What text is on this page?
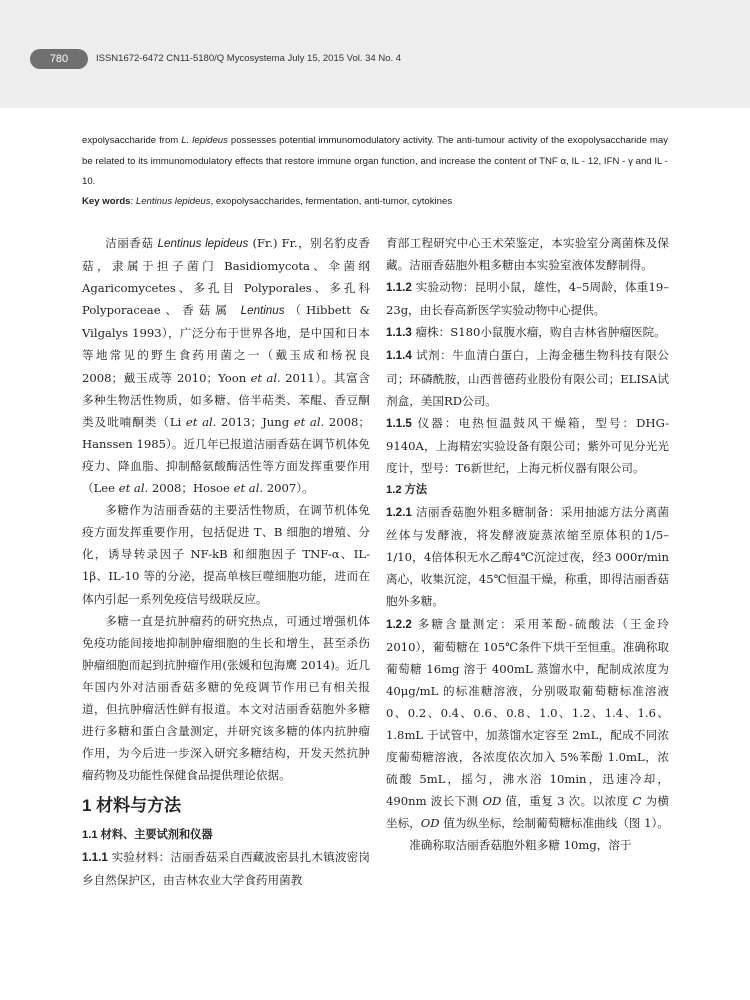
780	ISSN1672-6472 CN11-5180/Q Mycosystema July 15, 2015 Vol. 34 No. 4
expolysaccharide from L. lepideus possesses potential immunomodulatory activity. The anti-tumour activity of the exopolysaccharide may be related to its immunomodulatory effects that restore immune organ function, and increase the content of TNF α, IL - 12, IFN - γ and IL - 10.
Key words: Lentinus lepideus, exopolysaccharides, fermentation, anti-tumor, cytokines

洁丽香菇 Lentinus lepideus (Fr.) Fr.，别名豹皮香菇，隶属于担子菌门 Basidiomycota、伞菌纲 Agaricomycetes、多孔目 Polyporales、多孔科 Polyporaceae、香菇属 Lentinus（Hibbett & Vilgalys 1993），广泛分布于世界各地，是中国和日本等地常见的野生食药用菌之一（戴玉成和杨祝良 2008；戴玉成等 2010；Yoon et al. 2011）。其富含多种生物活性物质，如多糖、倍半萜类、苯醌、香豆酮类及吡喃酮类（Li et al. 2013；Jung et al. 2008；Hanssen 1985）。近几年已报道洁丽香菇在调节机体免疫力、降血脂、抑制酪氨酸酶活性等方面发挥重要作用（Lee et al. 2008；Hosoe et al. 2007）。

多糖作为洁丽香菇的主要活性物质，在调节机体免疫方面发挥重要作用，包括促进 T、B 细胞的增殖、分化，诱导转录因子 NF-kB 和细胞因子 TNF-α、IL-1β、IL-10 等的分泌，提高单核巨噬细胞功能，进而在体内引起一系列免疫信号级联反应。

多糖一直是抗肿瘤药的研究热点，可通过增强机体免疫功能间接地抑制肿瘤细胞的生长和增生，甚至杀伤肿瘤细胞而起到抗肿瘤作用(张媛和包海鹰 2014)。近几年国内外对洁丽香菇多糖的免疫调节作用已有相关报道，但抗肿瘤活性鲜有报道。本文对洁丽香菇胞外多糖进行多糖和蛋白含量测定，并研究该多糖的体内抗肿瘤作用，为今后进一步深入研究多糖结构，开发天然抗肿瘤药物及功能性保健食品提供理论依据。

1 材料与方法
1.1 材料、主要试剂和仪器

1.1.1 实验材料：洁丽香菇采自西藏波密县扎木镇波密岗乡自然保护区，由吉林农业大学食药用菌教

育部工程研究中心王术荣鉴定，本实验室分离菌株及保藏。洁丽香菇胞外粗多糖由本实验室液体发酵制得。

1.1.2 实验动物：昆明小鼠，雄性，4–5周龄，体重19–23g，由长春高新医学实验动物中心提供。

1.1.3 瘤株：S180小鼠腹水瘤，购自吉林省肿瘤医院。

1.1.4 试剂：牛血清白蛋白，上海金穗生物科技有限公司；环磷酰胺，山西普德药业股份有限公司；ELISA试剂盒，美国RD公司。

1.1.5 仪器：电热恒温鼓风干燥箱，型号：DHG-9140A，上海精宏实验设备有限公司；紫外可见分光光度计，型号：T6新世纪，上海元析仪器有限公司。

1.2 方法

1.2.1 洁丽香菇胞外粗多糖制备：采用抽滤方法分离菌丝体与发酵液，将发酵液旋蒸浓缩至原体积的1/5–1/10，4倍体积无水乙醇4℃沉淀过夜，经3 000r/min离心，收集沉淀，45℃恒温干燥，称重，即得洁丽香菇胞外多糖。

1.2.2 多糖含量测定：采用苯酚-硫酸法（王金玲 2010），葡萄糖在 105℃条件下烘干至恒重。准确称取葡萄糖 16mg 溶于 400mL 蒸馏水中，配制成浓度为 40μg/mL 的标准糖溶液，分别吸取葡萄糖标准溶液 0、0.2、0.4、0.6、0.8、1.0、1.2、1.4、1.6、1.8mL 于试管中，加蒸馏水定容至 2mL，配成不同浓度葡萄糖溶液，各浓度依次加入 5%苯酚 1.0mL，浓硫酸 5mL，摇匀，沸水浴 10min，迅速冷却，490nm 波长下测 OD 值，重复 3 次。以浓度 C 为横坐标，OD 值为纵坐标，绘制葡萄糖标准曲线（图 1）。

准确称取洁丽香菇胞外粗多糖 10mg，溶于
